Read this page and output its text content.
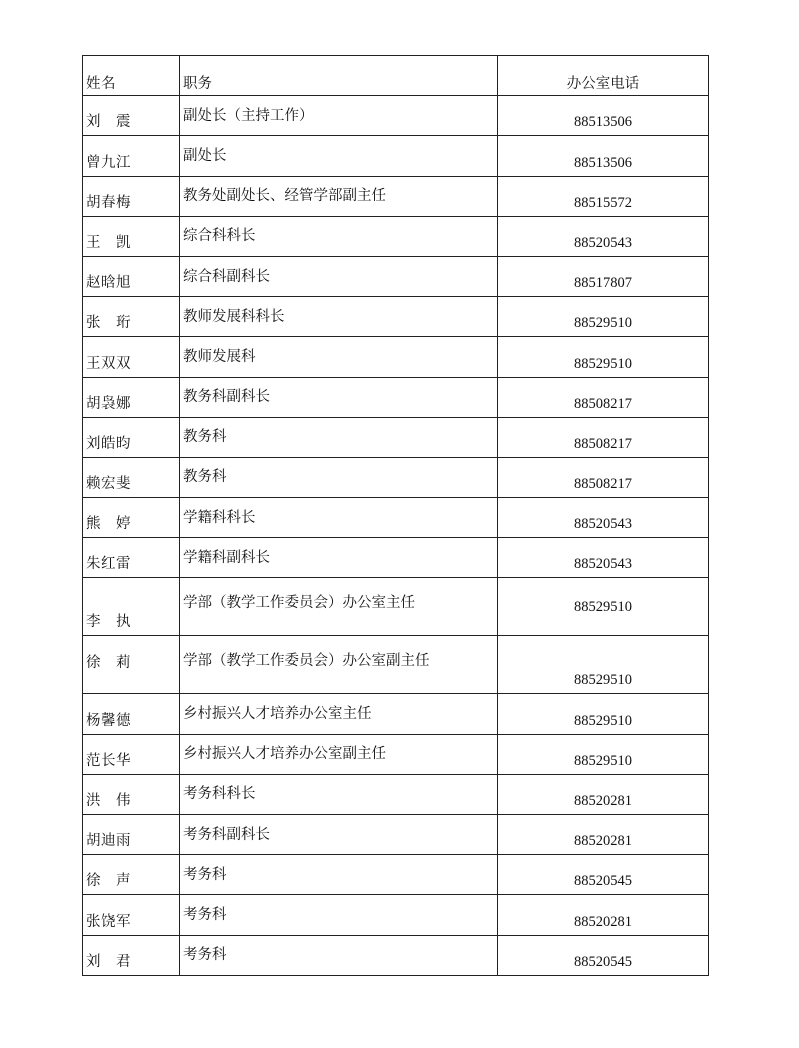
姓名	职务	办公室电话
刘　震	副处长（主持工作）	88513506
曾九江	副处长	88513506
胡春梅	教务处副处长、经管学部副主任	88515572
王　凯	综合科科长	88520543
赵晗旭	综合科副科长	88517807
张　珩	教师发展科科长	88529510
王双双	教师发展科	88529510
胡袅娜	教务科副科长	88508217
刘皓昀	教务科	88508217
赖宏斐	教务科	88508217
熊　婷	学籍科科长	88520543
朱红雷	学籍科副科长	88520543
李　执	学部（教学工作委员会）办公室主任	88529510
徐　莉	学部（教学工作委员会）办公室副主任	88529510
杨馨德	乡村振兴人才培养办公室主任	88529510
范长华	乡村振兴人才培养办公室副主任	88529510
洪　伟	考务科科长	88520281
胡迪雨	考务科副科长	88520281
徐　声	考务科	88520545
张饶军	考务科	88520281
刘　君	考务科	88520545
